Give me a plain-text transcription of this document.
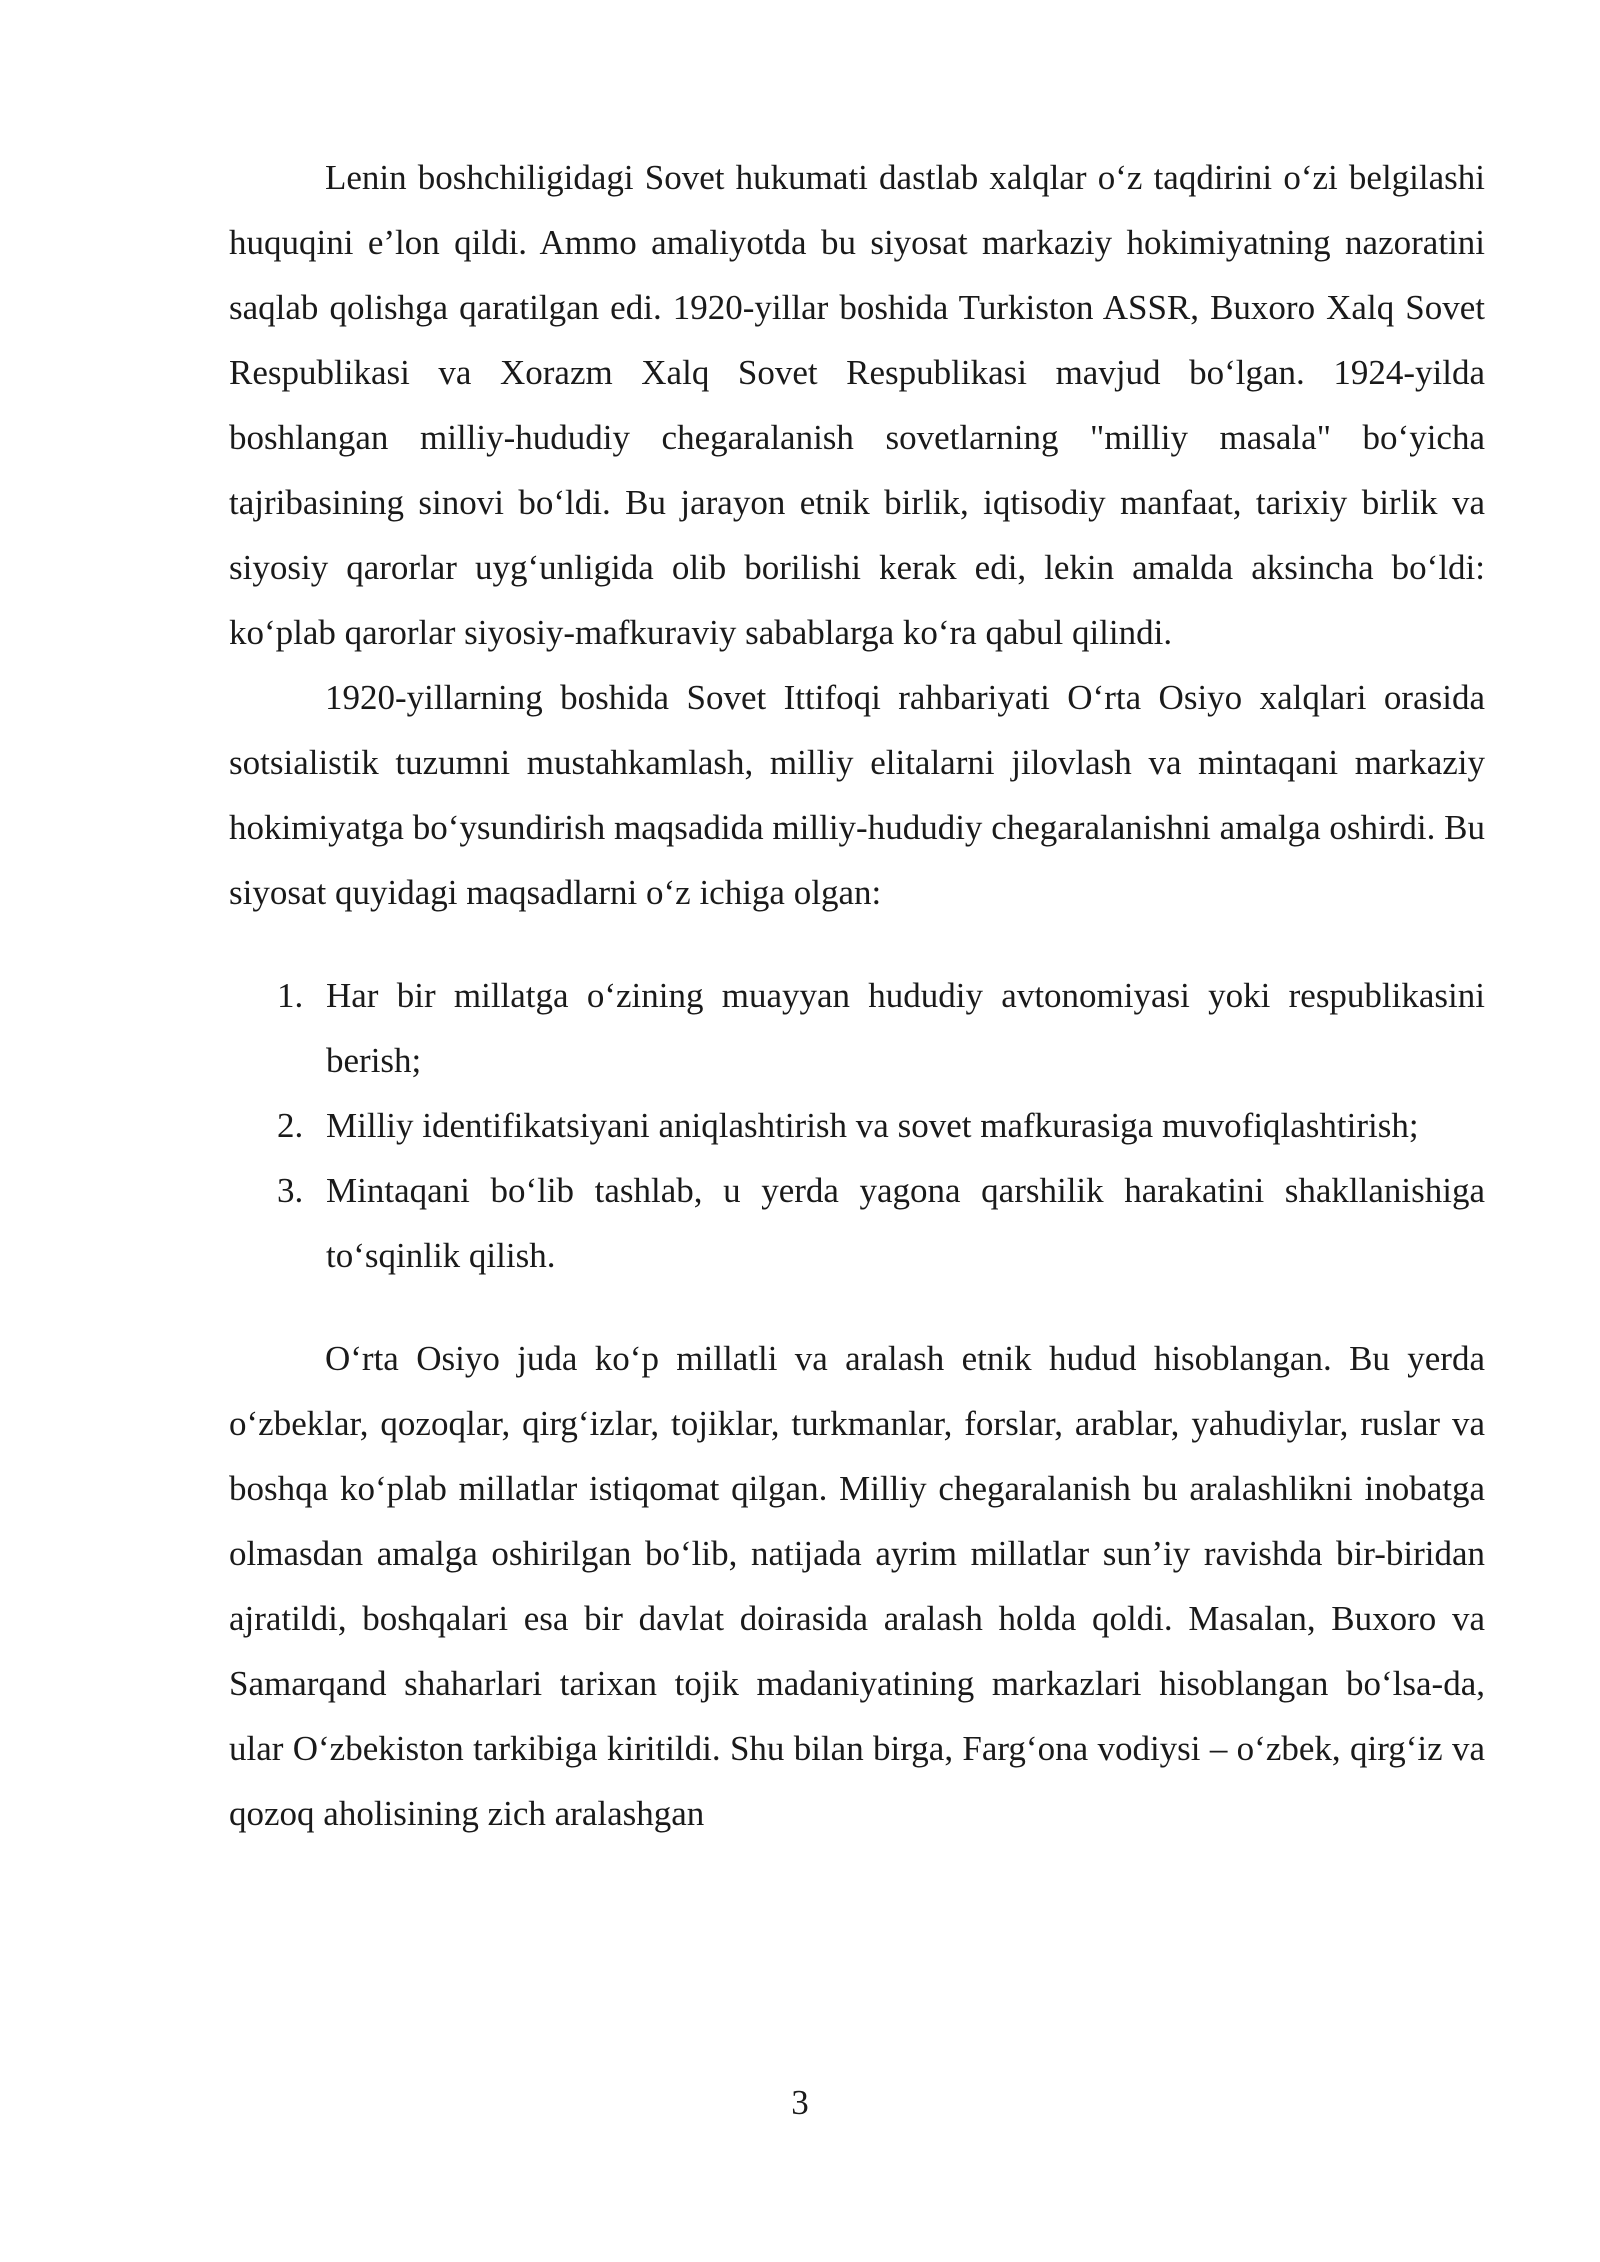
Lenin boshchiligidagi Sovet hukumati dastlab xalqlar o‘z taqdirini o‘zi belgilashi huquqini e’lon qildi. Ammo amaliyotda bu siyosat markaziy hokimiyatning nazoratini saqlab qolishga qaratilgan edi. 1920-yillar boshida Turkiston ASSR, Buxoro Xalq Sovet Respublikasi va Xorazm Xalq Sovet Respublikasi mavjud bo‘lgan. 1924-yilda boshlangan milliy-hududiy chegaralanish sovetlarning "milliy masala" bo‘yicha tajribasining sinovi bo‘ldi. Bu jarayon etnik birlik, iqtisodiy manfaat, tarixiy birlik va siyosiy qarorlar uyg‘unligida olib borilishi kerak edi, lekin amalda aksincha bo‘ldi: ko‘plab qarorlar siyosiy-mafkuraviy sabablarga ko‘ra qabul qilindi.

1920-yillarning boshida Sovet Ittifoqi rahbariyati O‘rta Osiyo xalqlari orasida sotsialistik tuzumni mustahkamlash, milliy elitalarni jilovlash va mintaqani markaziy hokimiyatga bo‘ysundirish maqsadida milliy-hududiy chegaralanishni amalga oshirdi. Bu siyosat quyidagi maqsadlarni o‘z ichiga olgan:

1. Har bir millatga o‘zining muayyan hududiy avtonomiyasi yoki respublikasini berish;
2. Milliy identifikatsiyani aniqlashtirish va sovet mafkurasiga muvofiqlashtirish;
3. Mintaqani bo‘lib tashlab, u yerda yagona qarshilik harakatini shakllanishiga to‘sqinlik qilish.

O‘rta Osiyo juda ko‘p millatli va aralash etnik hudud hisoblangan. Bu yerda o‘zbeklar, qozoqlar, qirg‘izlar, tojiklar, turkmanlar, forslar, arablar, yahudiylar, ruslar va boshqa ko‘plab millatlar istiqomat qilgan. Milliy chegaralanish bu aralashlikni inobatga olmasdan amalga oshirilgan bo‘lib, natijada ayrim millatlar sun’iy ravishda bir-biridan ajratildi, boshqalari esa bir davlat doirasida aralash holda qoldi. Masalan, Buxoro va Samarqand shaharlari tarixan tojik madaniyatining markazlari hisoblangan bo‘lsa-da, ular O‘zbekiston tarkibiga kiritildi. Shu bilan birga, Farg‘ona vodiysi – o‘zbek, qirg‘iz va qozoq aholisining zich aralashgan

3
